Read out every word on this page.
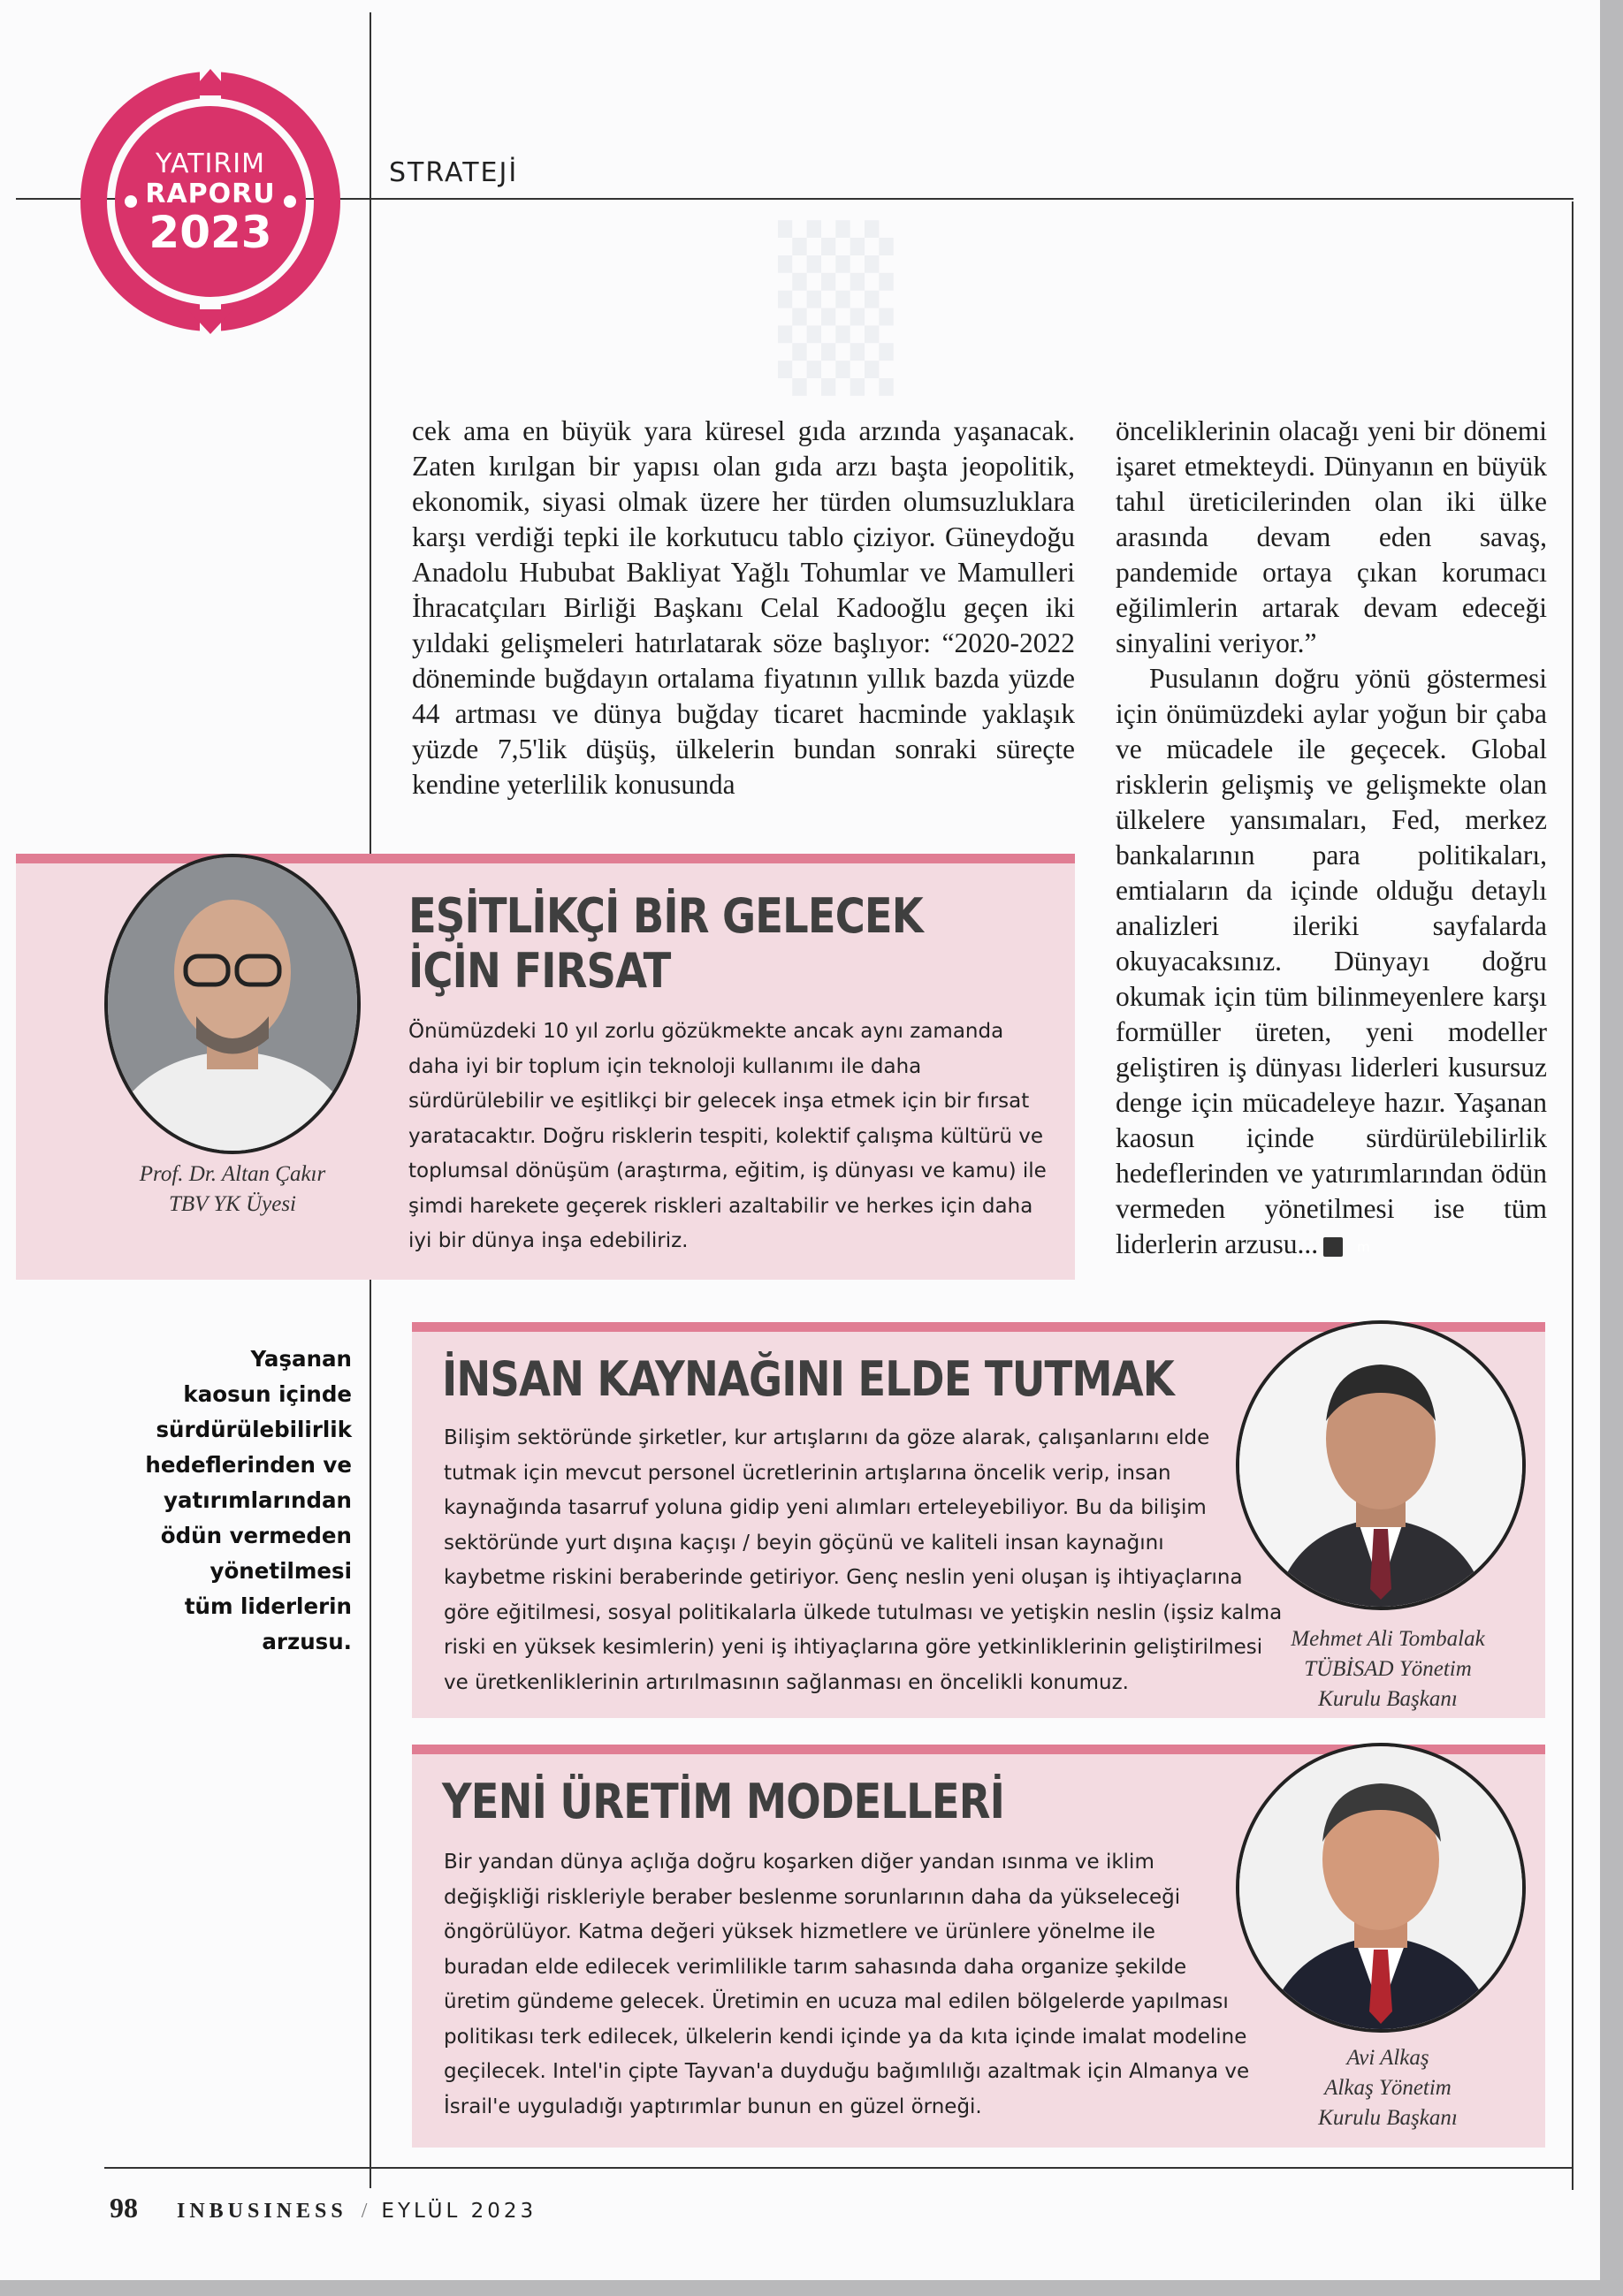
▒
YATIRIM
RAPORU
2023
STRATEJİ

cek ama en büyük yara küresel gıda arzında yaşanacak. Zaten kırılgan bir yapısı olan gıda arzı başta jeopolitik, ekonomik, siyasi olmak üzere her türden olumsuzluklara karşı verdiği tepki ile korkutucu tablo çiziyor. Güneydoğu Anadolu Hububat Bakliyat Yağlı Tohumlar ve Mamulleri İhracatçıları Birliği Başkanı Celal Kadooğlu geçen iki yıldaki gelişmeleri hatırlatarak söze başlıyor: “2020-2022 döneminde buğdayın ortalama fiyatının yıllık bazda yüzde 44 artması ve dünya buğday ticaret hacminde yaklaşık yüzde 7,5'lik düşüş, ülkelerin bundan sonraki süreçte kendine yeterlilik konusunda

önceliklerinin olacağı yeni bir dönemi işaret etmekteydi. Dünyanın en büyük tahıl üreticilerinden olan iki ülke arasında devam eden savaş, pandemide ortaya çıkan korumacı eğilimlerin artarak devam edeceği sinyalini veriyor.”

Pusulanın doğru yönü göstermesi için önümüzdeki aylar yoğun bir çaba ve mücadele ile geçecek. Global risklerin gelişmiş ve gelişmekte olan ülkelere yansımaları, Fed, merkez bankalarının para politikaları, emtiaların da içinde olduğu detaylı analizleri ileriki sayfalarda okuyacaksınız. Dünyayı doğru okumak için tüm bilinmeyenlere karşı formüller üreten, yeni modeller geliştiren iş dünyası liderleri kusursuz denge için mücadeleye hazır. Yaşanan kaosun içinde sürdürülebilirlik hedeflerinden ve yatırımlarından ödün vermeden yönetilmesi ise tüm liderlerin arzusu...	m

Prof. Dr. Altan Çakır
TBV YK Üyesi
EŞİTLİKÇİ BİR GELECEK
İÇİN FIRSAT

Önümüzdeki 10 yıl zorlu gözükmekte ancak aynı zamanda

daha iyi bir toplum için teknoloji kullanımı ile daha

sürdürülebilir ve eşitlikçi bir gelecek inşa etmek için bir fırsat

yaratacaktır. Doğru risklerin tespiti, kolektif çalışma kültürü ve

toplumsal dönüşüm (araştırma, eğitim, iş dünyası ve kamu) ile

şimdi harekete geçerek riskleri azaltabilir ve herkes için daha

iyi bir dünya inşa edebiliriz.

Yaşanan

kaosun içinde

sürdürülebilirlik

hedeflerinden ve

yatırımlarından

ödün vermeden

yönetilmesi

tüm liderlerin

arzusu.

İNSAN KAYNAĞINI ELDE TUTMAK

Bilişim sektöründe şirketler, kur artışlarını da göze alarak, çalışanlarını elde

tutmak için mevcut personel ücretlerinin artışlarına öncelik verip, insan

kaynağında tasarruf yoluna gidip yeni alımları erteleyebiliyor. Bu da bilişim

sektöründe yurt dışına kaçışı / beyin göçünü ve kaliteli insan kaynağını

kaybetme riskini beraberinde getiriyor. Genç neslin yeni oluşan iş ihtiyaçlarına

göre eğitilmesi, sosyal politikalarla ülkede tutulması ve yetişkin neslin (işsiz kalma

riski en yüksek kesimlerin) yeni iş ihtiyaçlarına göre yetkinliklerinin geliştirilmesi

ve üretkenliklerinin artırılmasının sağlanması en öncelikli konumuz.

Mehmet Ali Tombalak
TÜBİSAD Yönetim
Kurulu Başkanı
YENİ ÜRETİM MODELLERİ

Bir yandan dünya açlığa doğru koşarken diğer yandan ısınma ve iklim

değişkliği riskleriyle beraber beslenme sorunlarının daha da yükseleceği

öngörülüyor. Katma değeri yüksek hizmetlere ve ürünlere yönelme ile

buradan elde edilecek verimlilikle tarım sahasında daha organize şekilde

üretim gündeme gelecek. Üretimin en ucuza mal edilen bölgelerde yapılması

politikası terk edilecek, ülkelerin kendi içinde ya da kıta içinde imalat modeline

geçilecek. Intel'in çipte Tayvan'a duyduğu bağımlılığı azaltmak için Almanya ve

İsrail'e uyguladığı yaptırımlar bunun en güzel örneği.

Avi Alkaş
Alkaş Yönetim
Kurulu Başkanı
98 INBUSINESS / EYLÜL 2023
